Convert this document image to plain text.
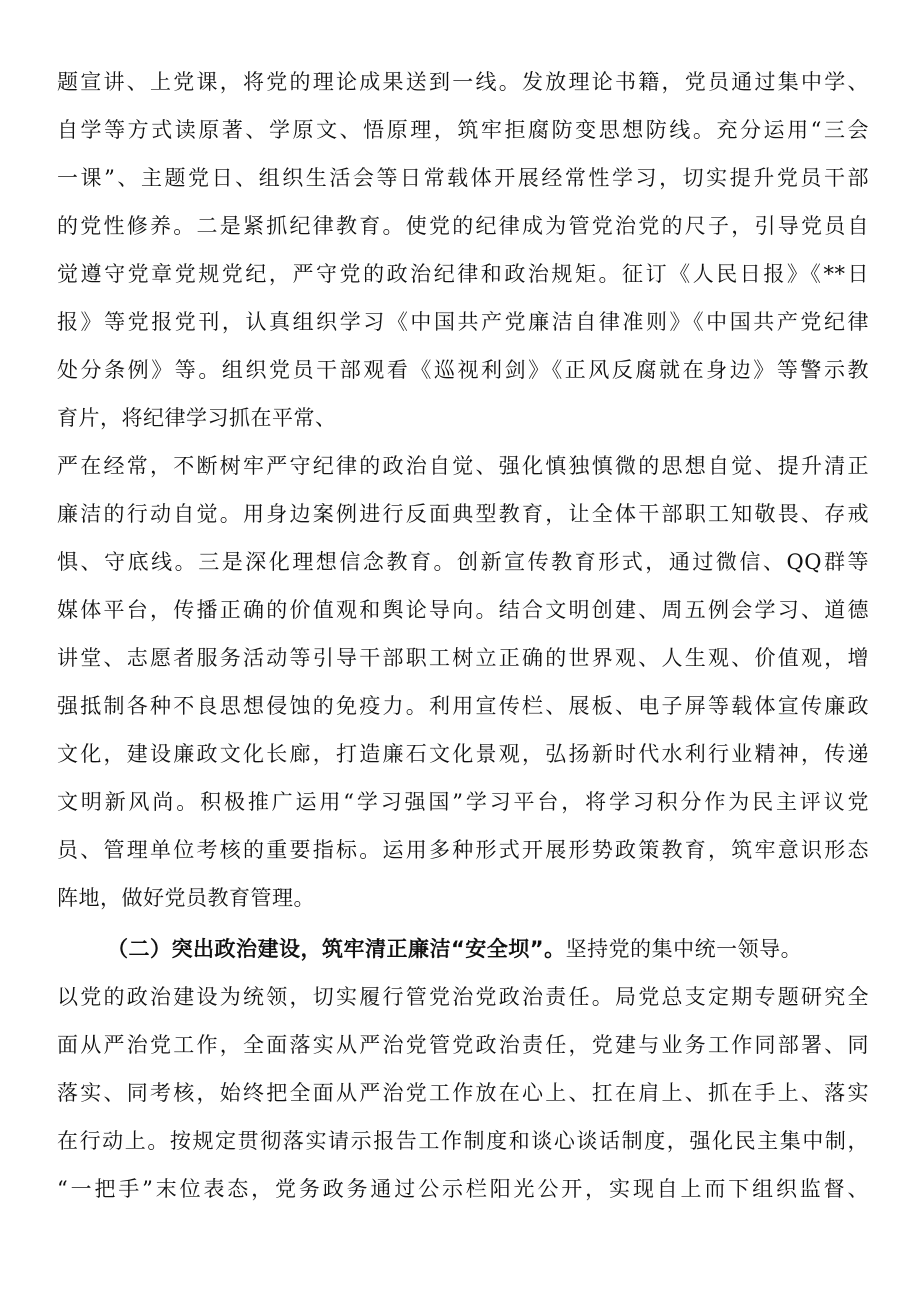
题宣讲、上党课，将党的理论成果送到一线。发放理论书籍，党员通过集中学、
自学等方式读原著、学原文、悟原理，筑牢拒腐防变思想防线。充分运用“三会
一课”、主题党日、组织生活会等日常载体开展经常性学习，切实提升党员干部
的党性修养。二是紧抓纪律教育。使党的纪律成为管党治党的尺子，引导党员自
觉遵守党章党规党纪，严守党的政治纪律和政治规矩。征订《人民日报》《**日
报》等党报党刊，认真组织学习《中国共产党廉洁自律准则》《中国共产党纪律
处分条例》等。组织党员干部观看《巡视利剑》《正风反腐就在身边》等警示教
育片，将纪律学习抓在平常、
严在经常，不断树牢严守纪律的政治自觉、强化慎独慎微的思想自觉、提升清正
廉洁的行动自觉。用身边案例进行反面典型教育，让全体干部职工知敬畏、存戒
惧、守底线。三是深化理想信念教育。创新宣传教育形式，通过微信、QQ群等
媒体平台，传播正确的价值观和舆论导向。结合文明创建、周五例会学习、道德
讲堂、志愿者服务活动等引导干部职工树立正确的世界观、人生观、价值观，增
强抵制各种不良思想侵蚀的免疫力。利用宣传栏、展板、电子屏等载体宣传廉政
文化，建设廉政文化长廊，打造廉石文化景观，弘扬新时代水利行业精神，传递
文明新风尚。积极推广运用“学习强国”学习平台，将学习积分作为民主评议党
员、管理单位考核的重要指标。运用多种形式开展形势政策教育，筑牢意识形态
阵地，做好党员教育管理。
（二）突出政治建设，筑牢清正廉洁“安全坝”。坚持党的集中统一领导。
以党的政治建设为统领，切实履行管党治党政治责任。局党总支定期专题研究全
面从严治党工作，全面落实从严治党管党政治责任，党建与业务工作同部署、同
落实、同考核，始终把全面从严治党工作放在心上、扛在肩上、抓在手上、落实
在行动上。按规定贯彻落实请示报告工作制度和谈心谈话制度，强化民主集中制，
“一把手”末位表态，党务政务通过公示栏阳光公开，实现自上而下组织监督、
